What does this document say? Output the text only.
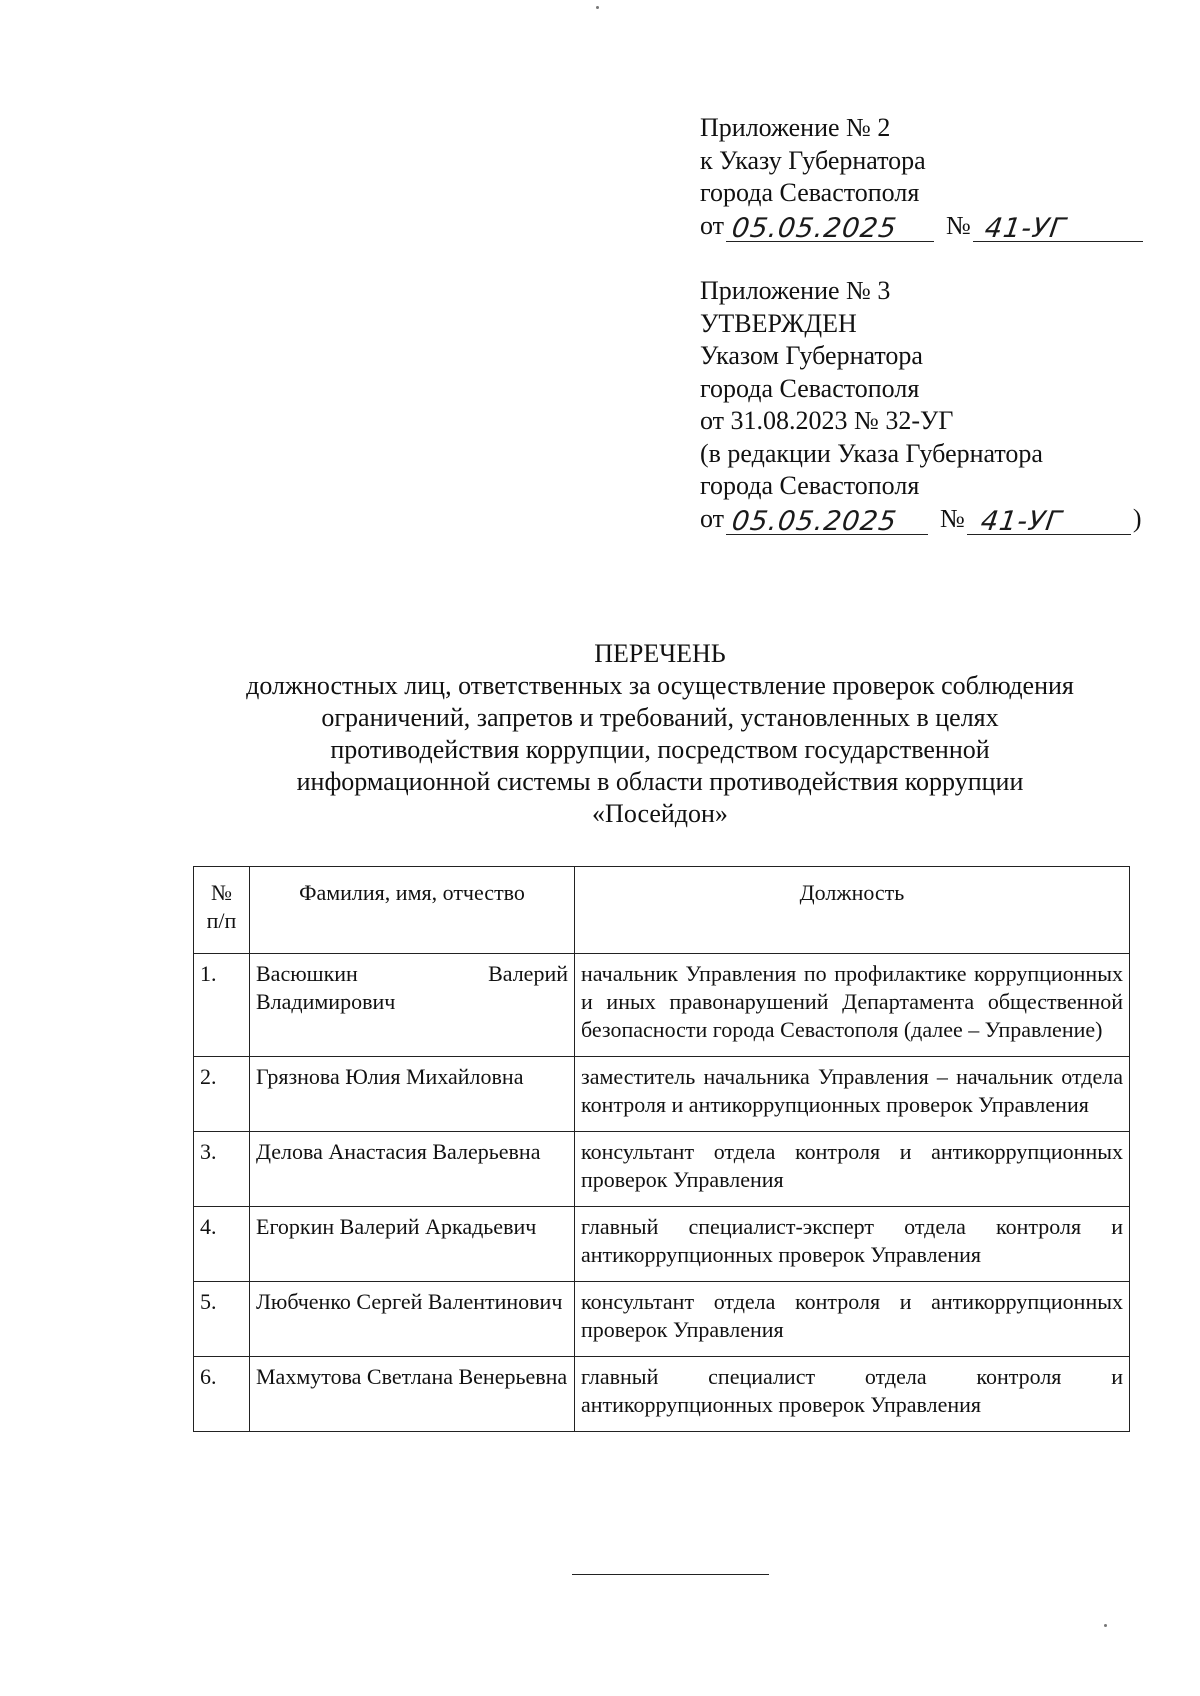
Приложение № 2
к Указу Губернатора
города Севастополя
от 05.05.2025 № 41-УГ
Приложение № 3
УТВЕРЖДЕН
Указом Губернатора
города Севастополя
от 31.08.2023 № 32-УГ
(в редакции Указа Губернатора
города Севастополя
от 05.05.2025 № 41-УГ	)
ПЕРЕЧЕНЬ
должностных лиц, ответственных за осуществление проверок соблюдения
ограничений, запретов и требований, установленных в целях
противодействия коррупции, посредством государственной
информационной системы в области противодействия коррупции
«Посейдон»
№
п/п	Фамилия, имя, отчество	Должность
1.	Васюшкин Валерий Владимирович	начальник Управления по профилактике коррупционных и иных правонарушений Департамента общественной безопасности города Севастополя (далее – Управление)
2.	Грязнова Юлия Михайловна	заместитель начальника Управления – начальник отдела контроля и антикоррупционных проверок Управления
3.	Делова Анастасия Валерьевна	консультант отдела контроля и антикоррупционных проверок Управления
4.	Егоркин Валерий Аркадьевич	главный специалист-эксперт отдела контроля и антикоррупционных проверок Управления
5.	Любченко Сергей Валентинович	консультант отдела контроля и антикоррупционных проверок Управления
6.	Махмутова Светлана Венерьевна	главный специалист отдела контроля и антикоррупционных проверок Управления
